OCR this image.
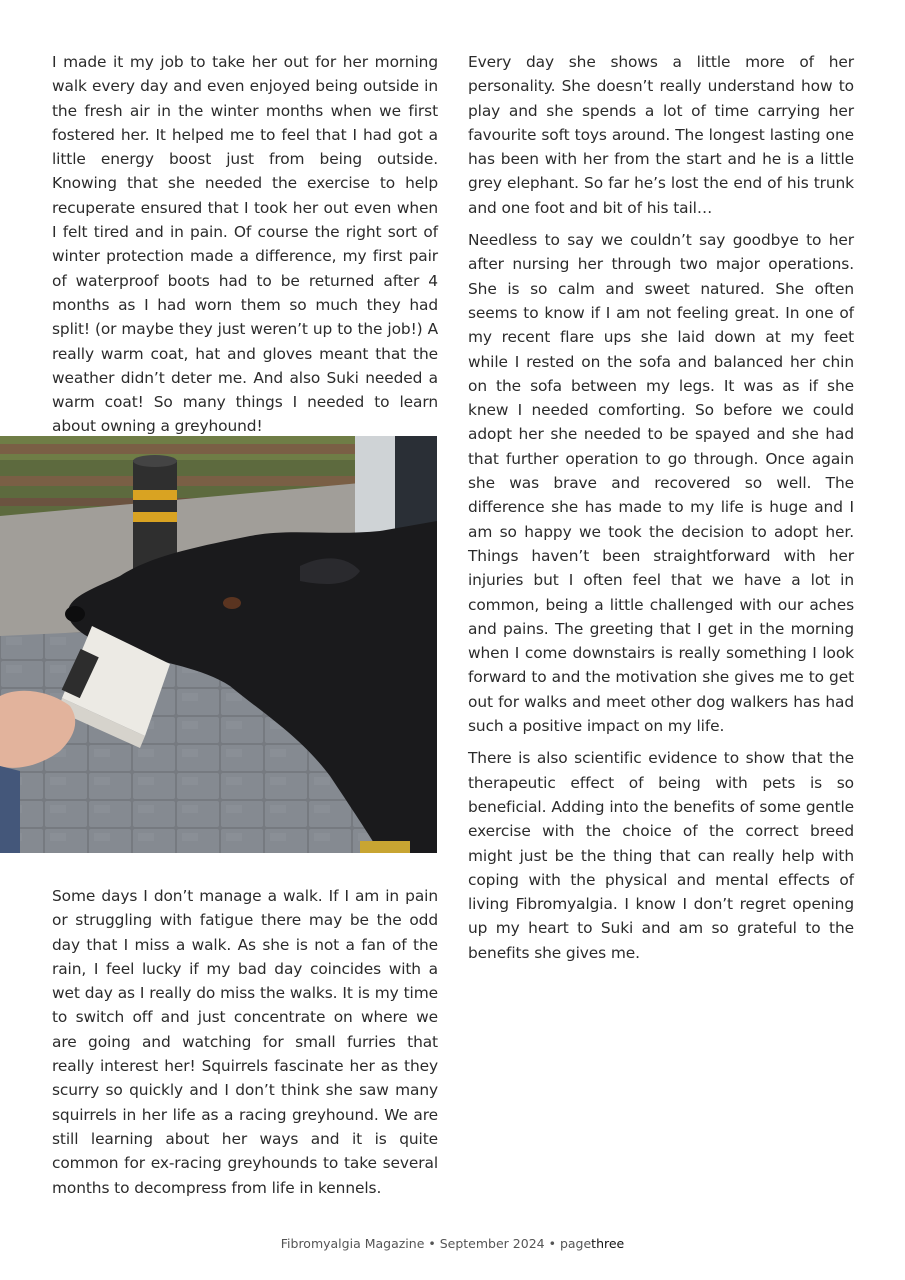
I made it my job to take her out for her morning walk every day and even enjoyed being outside in the fresh air in the winter months when we first fostered her. It helped me to feel that I had got a little energy boost just from being outside. Knowing that she needed the exercise to help recuperate ensured that I took her out even when I felt tired and in pain. Of course the right sort of winter protection made a difference, my first pair of waterproof boots had to be returned after 4 months as I had worn them so much they had split! (or maybe they just weren’t up to the job!) A really warm coat, hat and gloves meant that the weather didn’t deter me. And also Suki needed a warm coat! So many things I needed to learn about owning a greyhound!

Some days I don’t manage a walk. If I am in pain or struggling with fatigue there may be the odd day that I miss a walk. As she is not a fan of the rain, I feel lucky if my bad day coincides with a wet day as I really do miss the walks. It is my time to switch off and just concentrate on where we are going and watching for small furries that really interest her! Squirrels fascinate her as they scurry so quickly and I don’t think she saw many squirrels in her life as a racing greyhound. We are still learning about her ways and it is quite common for ex-racing greyhounds to take several months to decompress from life in kennels.

Every day she shows a little more of her personality. She doesn’t really understand how to play and she spends a lot of time carrying her favourite soft toys around. The longest lasting one has been with her from the start and he is a little grey elephant. So far he’s lost the end of his trunk and one foot and bit of his tail…

Needless to say we couldn’t say goodbye to her after nursing her through two major operations. She is so calm and sweet natured. She often seems to know if I am not feeling great. In one of my recent flare ups she laid down at my feet while I rested on the sofa and balanced her chin on the sofa between my legs. It was as if she knew I needed comforting. So before we could adopt her she needed to be spayed and she had that further operation to go through. Once again she was brave and recovered so well. The difference she has made to my life is huge and I am so happy we took the decision to adopt her. Things haven’t been straightforward with her injuries but I often feel that we have a lot in common, being a little challenged with our aches and pains. The greeting that I get in the morning when I come downstairs is really something I look forward to and the motivation she gives me to get out for walks and meet other dog walkers has had such a positive impact on my life.

There is also scientific evidence to show that the therapeutic effect of being with pets is so beneficial. Adding into the benefits of some gentle exercise with the choice of the correct breed might just be the thing that can really help with coping with the physical and mental effects of living Fibromyalgia. I know I don’t regret opening up my heart to Suki and am so grateful to the benefits she gives me.

Fibromyalgia Magazine • September 2024 • pagethree
